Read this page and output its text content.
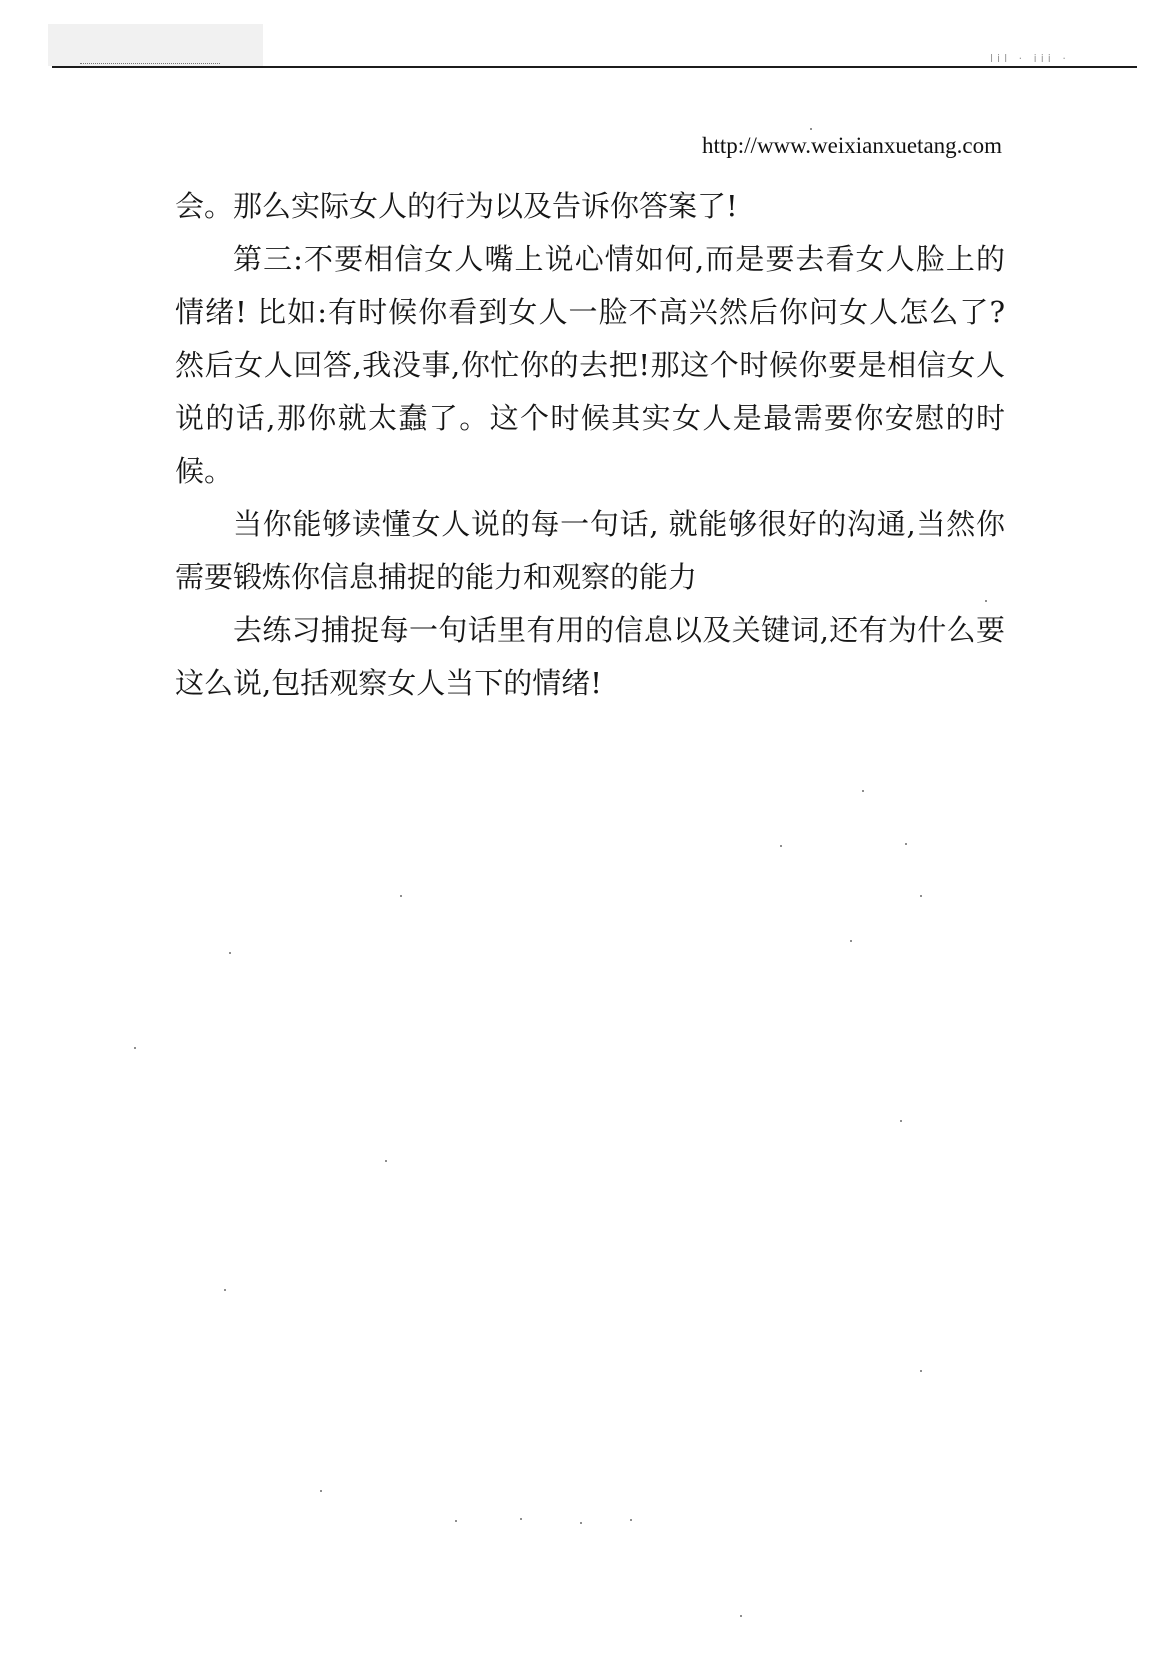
lil · iii ·
http://www.weixianxuetang.com

会。那么实际女人的行为以及告诉你答案了!

第三:不要相信女人嘴上说心情如何,而是要去看女人脸上的情绪! 比如:有时候你看到女人一脸不高兴然后你问女人怎么了? 然后女人回答,我没事,你忙你的去把!那这个时候你要是相信女人说的话,那你就太蠢了。这个时候其实女人是最需要你安慰的时候。

当你能够读懂女人说的每一句话, 就能够很好的沟通,当然你需要锻炼你信息捕捉的能力和观察的能力

去练习捕捉每一句话里有用的信息以及关键词,还有为什么要这么说,包括观察女人当下的情绪!
